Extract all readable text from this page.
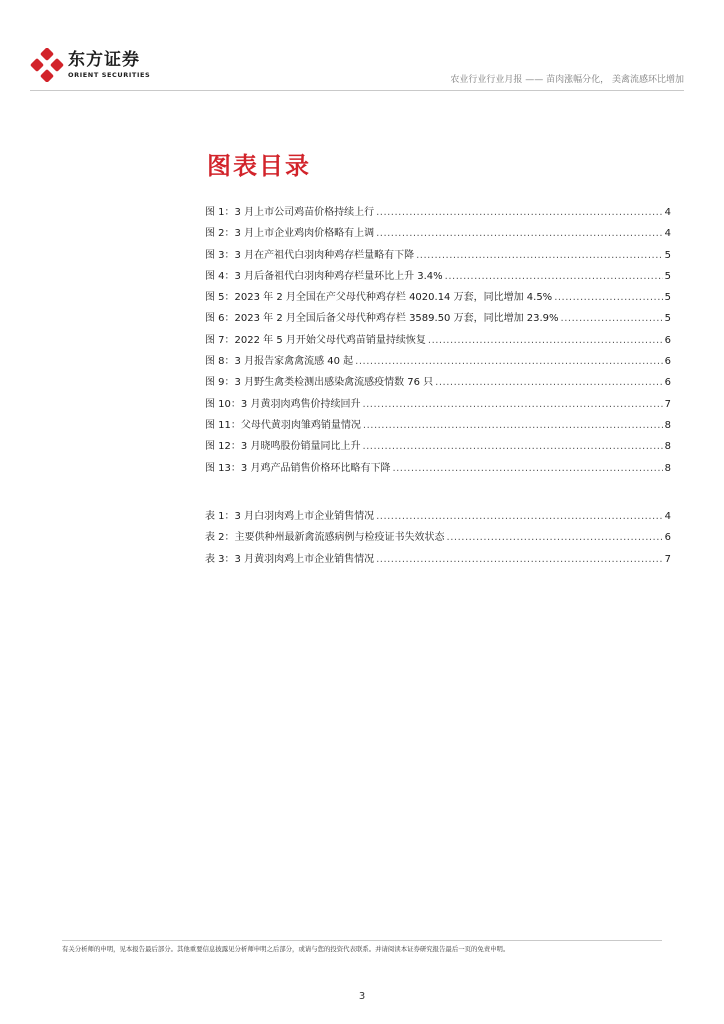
东方证券
ORIENT SECURITIES
农业行业行业月报 —— 苗肉涨幅分化， 美禽流感环比增加
图表目录
图 1：3 月上市公司鸡苗价格持续上行 .....	4
图 2：3 月上市企业鸡肉价格略有上调 .....	4
图 3：3 月在产祖代白羽肉种鸡存栏量略有下降 .....	5
图 4：3 月后备祖代白羽肉种鸡存栏量环比上升 3.4% .....	5
图 5：2023 年 2 月全国在产父母代种鸡存栏 4020.14 万套，同比增加 4.5% .....	5
图 6：2023 年 2 月全国后备父母代种鸡存栏 3589.50 万套，同比增加 23.9% .....	5
图 7：2022 年 5 月开始父母代鸡苗销量持续恢复 .....	6
图 8：3 月报告家禽禽流感 40 起 .....	6
图 9：3 月野生禽类检测出感染禽流感疫情数 76 只 .....	6
图 10：3 月黄羽肉鸡售价持续回升 .....	7
图 11：父母代黄羽肉雏鸡销量情况 .....	8
图 12：3 月晓鸣股份销量同比上升 .....	8
图 13：3 月鸡产品销售价格环比略有下降 .....	8
表 1：3 月白羽肉鸡上市企业销售情况 .....	4
表 2：主要供种州最新禽流感病例与检疫证书失效状态 .....	6
表 3：3 月黄羽肉鸡上市企业销售情况 .....	7
有关分析师的申明，见本报告最后部分。其他重要信息披露见分析师申明之后部分，或请与您的投资代表联系。并请阅读本证券研究报告最后一页的免责申明。
3
